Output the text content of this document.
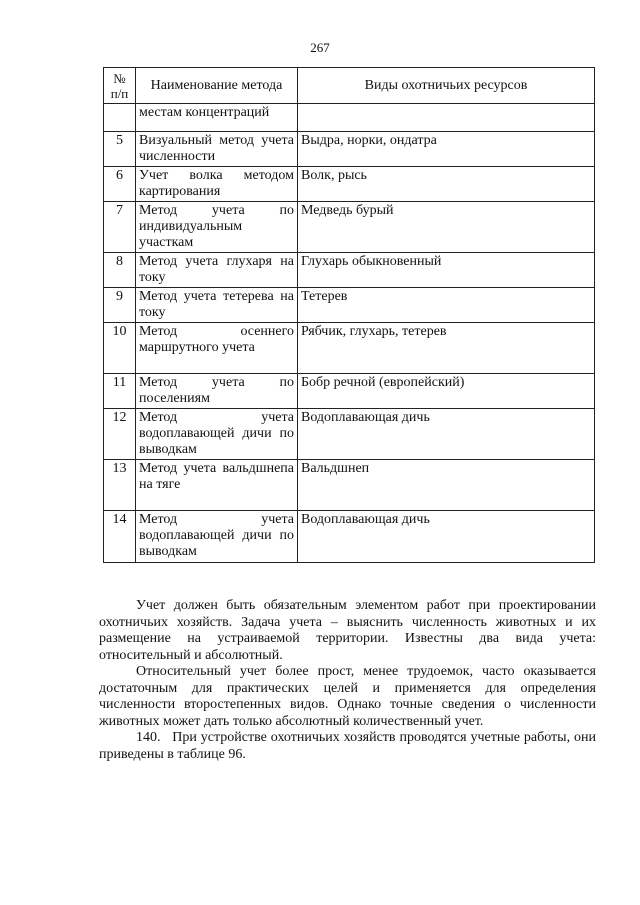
267
№
п/п	Наименование метода	Виды охотничьих ресурсов
	местам концентраций	
5	Визуальный метод учета численности	Выдра, норки, ондатра
6	Учет волка методом картирования	Волк, рысь
7	Метод учета по индивидуальным участкам	Медведь бурый
8	Метод учета глухаря на току	Глухарь обыкновенный
9	Метод учета тетерева на току	Тетерев
10	Метод осеннего маршрутного учета	Рябчик, глухарь, тетерев
11	Метод учета по поселениям	Бобр речной (европейский)
12	Метод учета водоплавающей дичи по выводкам	Водоплавающая дичь
13	Метод учета вальдшнепа на тяге	Вальдшнеп
14	Метод учета водоплавающей дичи по выводкам	Водоплавающая дичь

Учет должен быть обязательным элементом работ при проектировании охотничьих хозяйств. Задача учета – выяснить численность животных и их размещение на устраиваемой территории. Известны два вида учета: относительный и абсолютный.

Относительный учет более прост, менее трудоемок, часто оказывается достаточным для практических целей и применяется для определения численности второстепенных видов. Однако точные сведения о численности животных может дать только абсолютный количественный учет.

140.   При устройстве охотничьих хозяйств проводятся учетные работы, они приведены в таблице 96.
